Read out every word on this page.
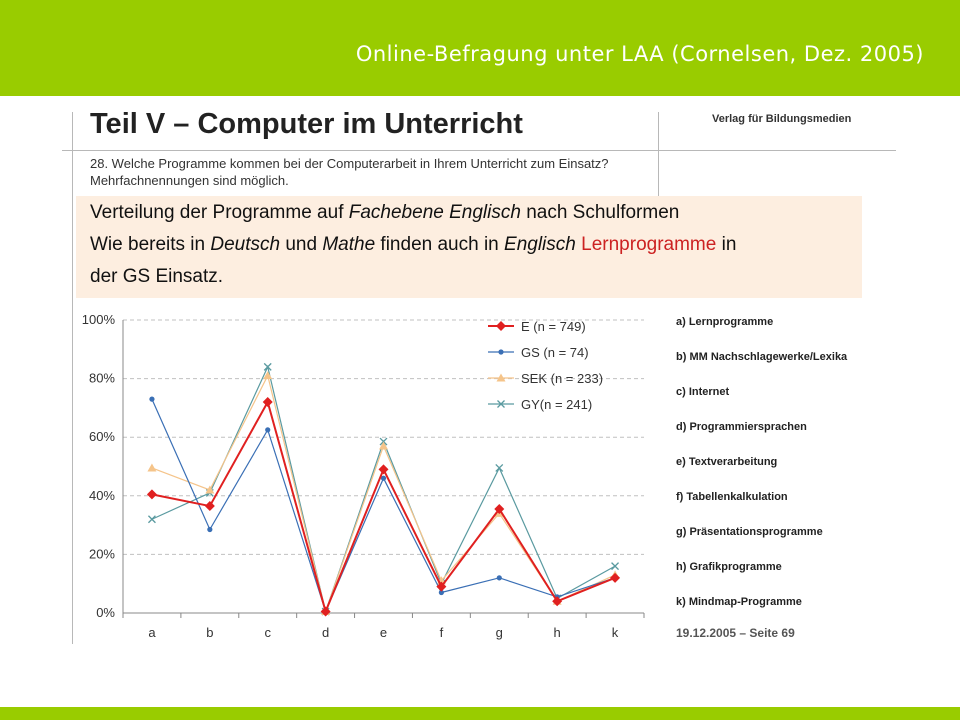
Online-Befragung unter LAA (Cornelsen, Dez. 2005)
Teil V – Computer im Unterricht	Verlag für Bildungsmedien
28. Welche Programme kommen bei der Computerarbeit in Ihrem Unterricht zum Einsatz? Mehrfachnennungen sind möglich.

Verteilung der Programme auf Fachebene Englisch nach Schulformen

Wie bereits in Deutsch und Mathe finden auch in Englisch Lernprogramme in

der GS Einsatz.

0%
20%
40%
60%
80%
100%
a	b	c	d	e	f	g	h	k
E (n = 749)
GS (n = 74)
SEK (n = 233)
GY(n = 241)
a) Lernprogramme
b) MM Nachschlagewerke/Lexika
c) Internet
d) Programmiersprachen
e) Textverarbeitung
f) Tabellenkalkulation
g) Präsentationsprogramme
h) Grafikprogramme
k) Mindmap-Programme
19.12.2005 – Seite 69
